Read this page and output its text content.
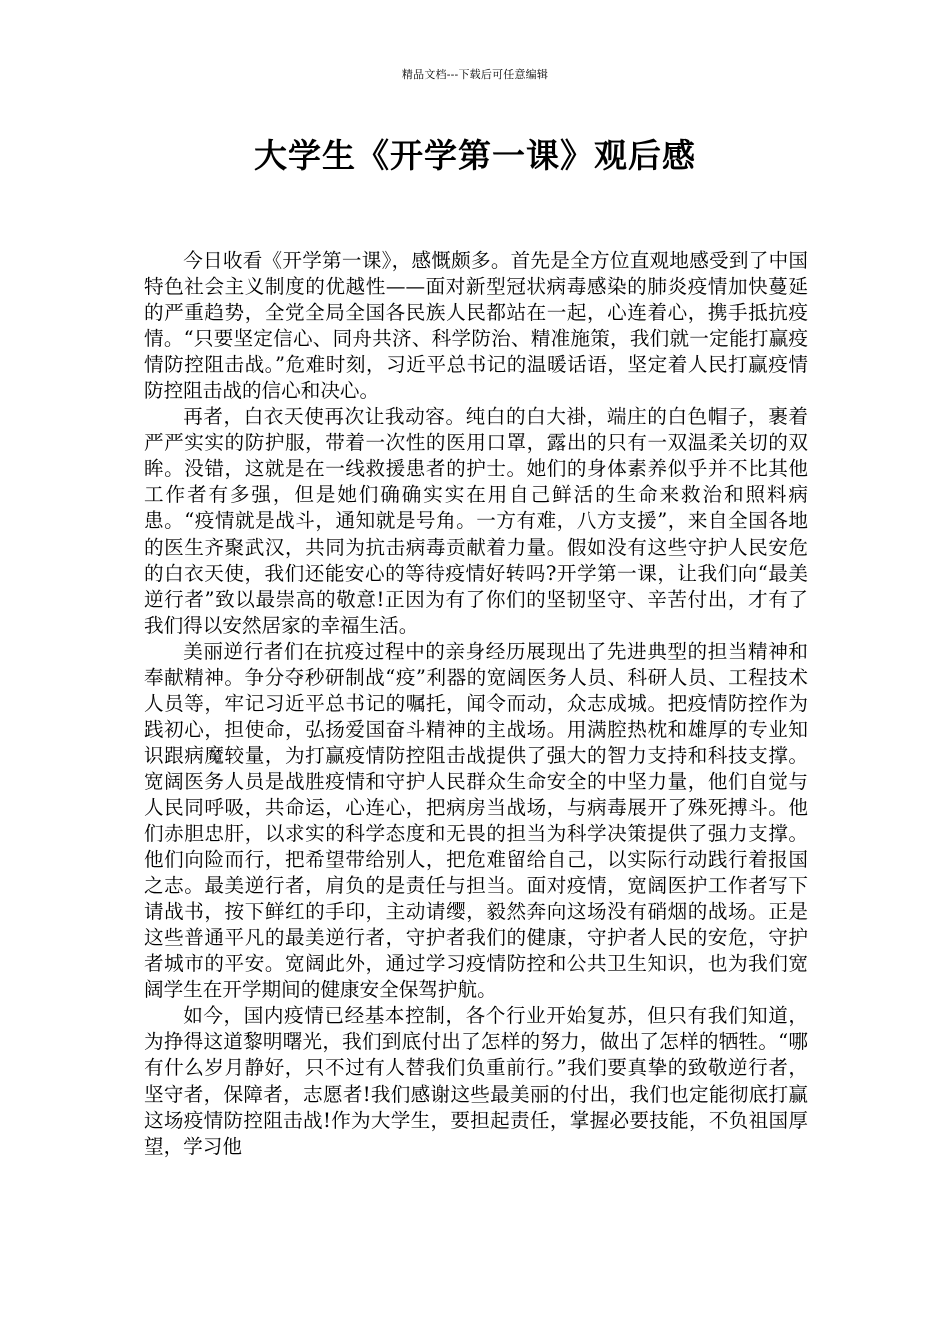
精品文档---下载后可任意编辑
大学生《开学第一课》观后感

今日收看《开学第一课》，感慨颇多。首先是全方位直观地感受到了中国特色社会主义制度的优越性——面对新型冠状病毒感染的肺炎疫情加快蔓延的严重趋势，全党全局全国各民族人民都站在一起，心连着心，携手抵抗疫情。“只要坚定信心、同舟共济、科学防治、精准施策，我们就一定能打赢疫情防控阻击战。”危难时刻，习近平总书记的温暖话语，坚定着人民打赢疫情防控阻击战的信心和决心。

再者，白衣天使再次让我动容。纯白的白大褂，端庄的白色帽子，裹着严严实实的防护服，带着一次性的医用口罩，露出的只有一双温柔关切的双眸。没错，这就是在一线救援患者的护士。她们的身体素养似乎并不比其他工作者有多强，但是她们确确实实在用自己鲜活的生命来救治和照料病患。“疫情就是战斗，通知就是号角。一方有难，八方支援”，来自全国各地的医生齐聚武汉，共同为抗击病毒贡献着力量。假如没有这些守护人民安危的白衣天使，我们还能安心的等待疫情好转吗?开学第一课，让我们向“最美逆行者”致以最崇高的敬意!正因为有了你们的坚韧坚守、辛苦付出，才有了我们得以安然居家的幸福生活。

美丽逆行者们在抗疫过程中的亲身经历展现出了先进典型的担当精神和奉献精神。争分夺秒研制战“疫”利器的宽阔医务人员、科研人员、工程技术人员等，牢记习近平总书记的嘱托，闻令而动，众志成城。把疫情防控作为践初心，担使命，弘扬爱国奋斗精神的主战场。用满腔热枕和雄厚的专业知识跟病魔较量，为打赢疫情防控阻击战提供了强大的智力支持和科技支撑。宽阔医务人员是战胜疫情和守护人民群众生命安全的中坚力量，他们自觉与人民同呼吸，共命运，心连心，把病房当战场，与病毒展开了殊死搏斗。他们赤胆忠肝，以求实的科学态度和无畏的担当为科学决策提供了强力支撑。他们向险而行，把希望带给别人，把危难留给自己，以实际行动践行着报国之志。最美逆行者，肩负的是责任与担当。面对疫情，宽阔医护工作者写下请战书，按下鲜红的手印，主动请缨，毅然奔向这场没有硝烟的战场。正是这些普通平凡的最美逆行者，守护者我们的健康，守护者人民的安危，守护者城市的平安。宽阔此外，通过学习疫情防控和公共卫生知识，也为我们宽阔学生在开学期间的健康安全保驾护航。

如今，国内疫情已经基本控制，各个行业开始复苏，但只有我们知道，为挣得这道黎明曙光，我们到底付出了怎样的努力，做出了怎样的牺牲。“哪有什么岁月静好，只不过有人替我们负重前行。”我们要真挚的致敬逆行者，坚守者，保障者，志愿者!我们感谢这些最美丽的付出，我们也定能彻底打赢这场疫情防控阻击战!作为大学生，要担起责任，掌握必要技能，不负祖国厚望，学习他
